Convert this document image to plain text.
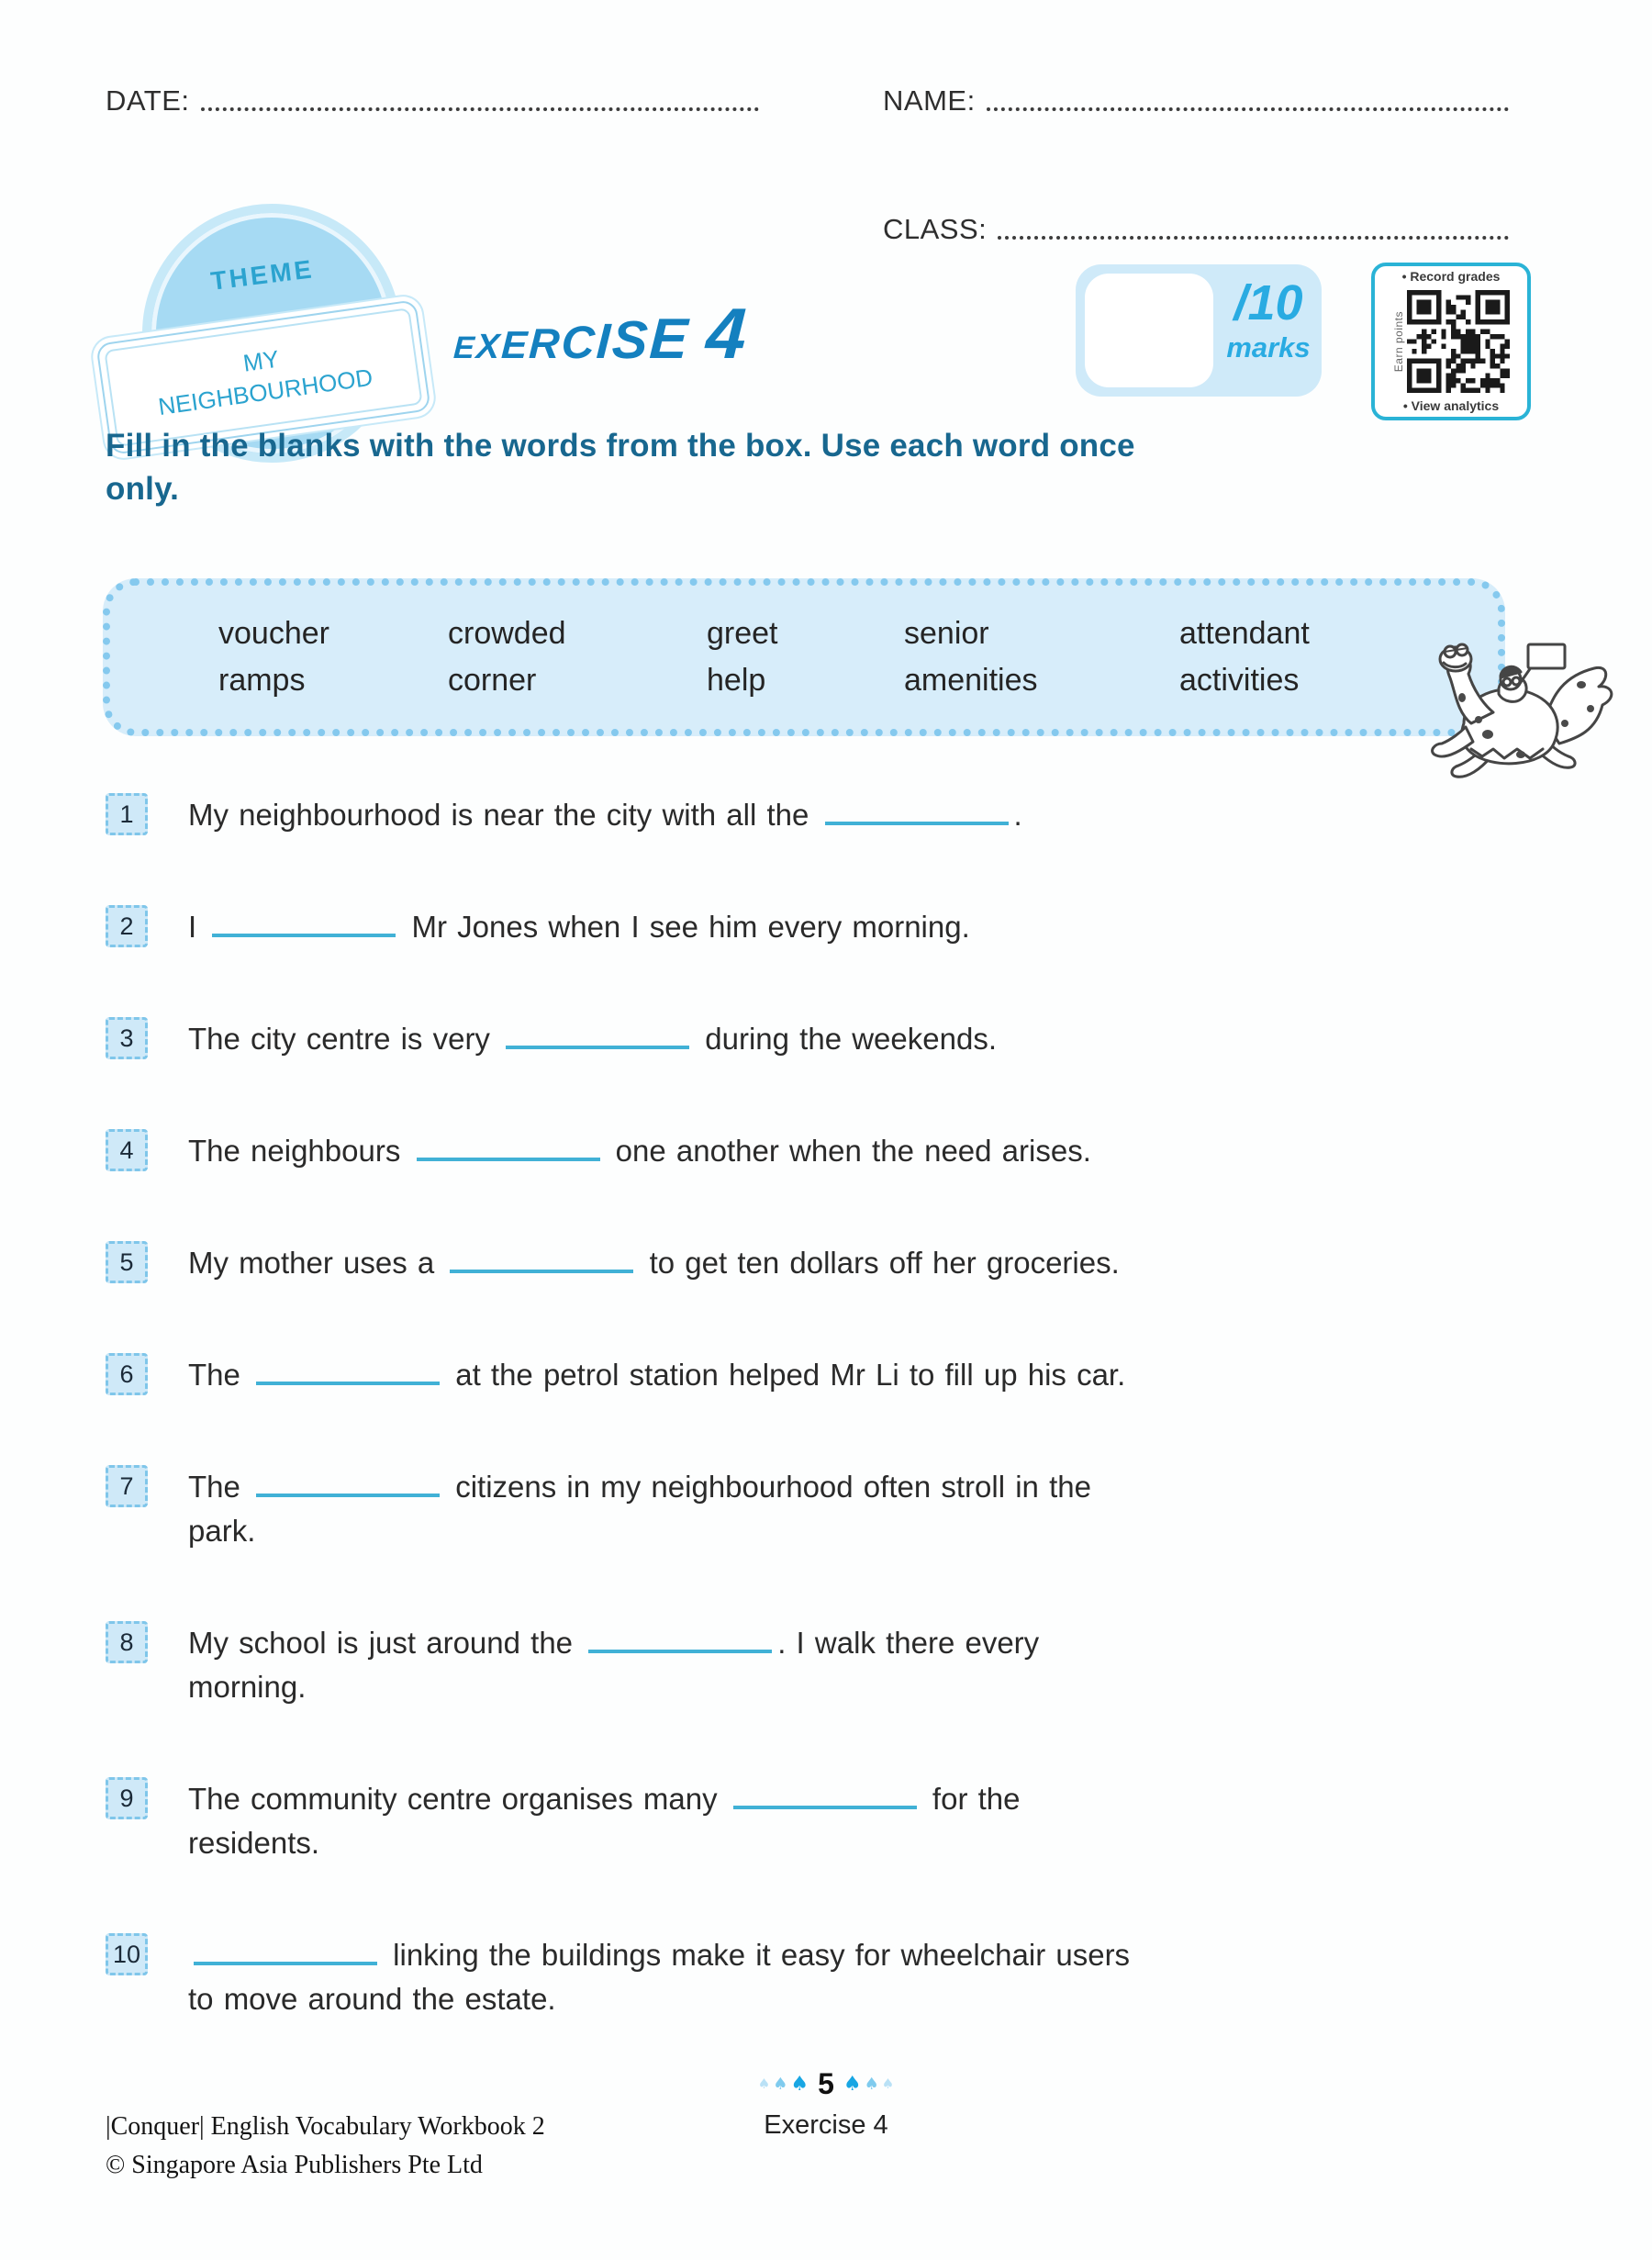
DATE:	NAME:
CLASS:
THEME
MY NEIGHBOURHOOD
E
X
E
R
C
I
S
E 4	/10
marks
• Record grades
Earn points
• View analytics
Fill in the blanks with the words from the box. Use each word once only.
voucher	crowded	greet	senior	attendant
ramps	corner	help	amenities	activities
1	My neighbourhood is near the city with all the	.
2	I	Mr Jones when I see him every morning.
3	The city centre is very	during the weekends.
4	The neighbours	one another when the need arises.
5	My mother uses a	to get ten dollars off her groceries.
6	The	at the petrol station helped Mr Li to fill up his car.
7	The	citizens in my neighbourhood often stroll in the
park.
8	My school is just around the	. I walk there every
morning.
9	The community centre organises many	for the
residents.
10	linking the buildings make it easy for wheelchair users
to move around the estate.
♠ ♠ ♠ 5 ♠ ♠ ♠
Exercise 4
|Conquer| English Vocabulary Workbook 2
© Singapore Asia Publishers Pte Ltd
